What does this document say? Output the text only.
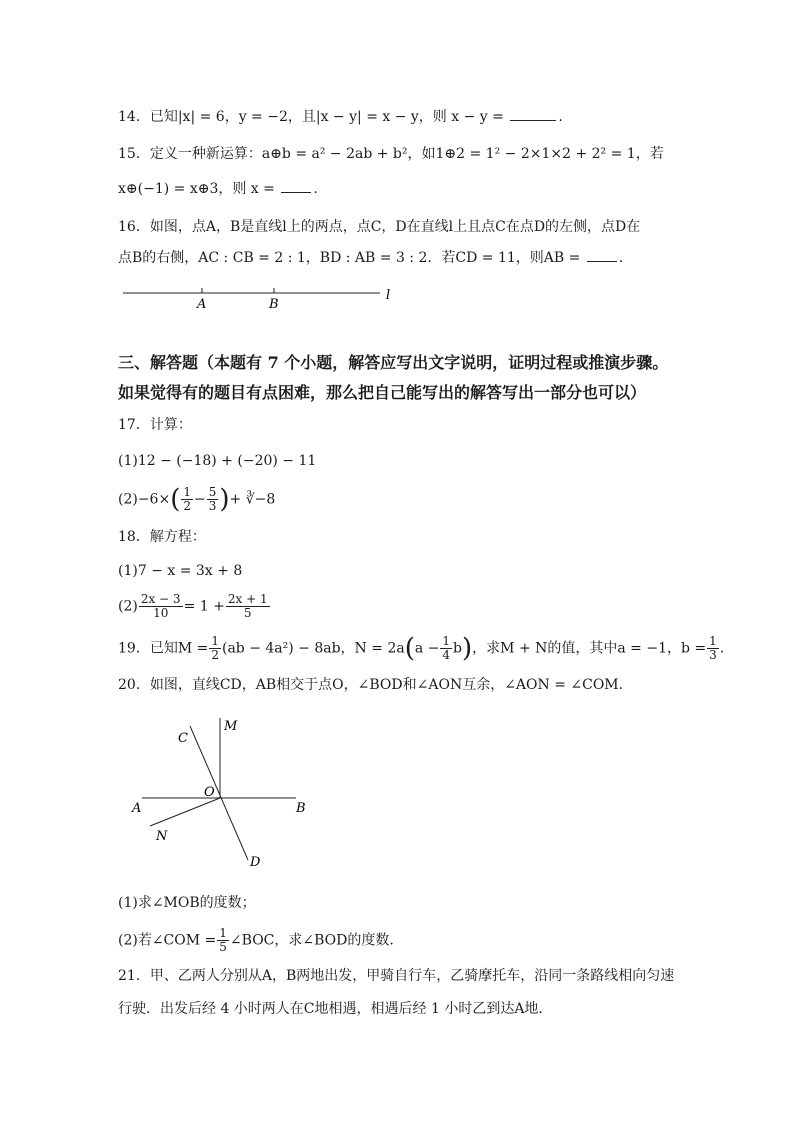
14．已知|x| = 6，y = −2，且|x − y| = x − y，则 x − y =	.
15．定义一种新运算：a⊕b = a² − 2ab + b²，如1⊕2 = 1² − 2×1×2 + 2² = 1，若
x⊕(−1) = x⊕3，则 x =	.
16．如图，点A，B是直线l上的两点，点C，D在直线l上且点C在点D的左侧，点D在
点B的右侧，AC : CB = 2 : 1，BD : AB = 3 : 2．若CD = 11，则AB =	.
A	B
l
三、解答题（本题有 7 个小题，解答应写出文字说明，证明过程或推演步骤。
如果觉得有的题目有点困难，那么把自己能写出的解答写出一部分也可以）
17．计算：
(1)12 − (−18) + (−20) − 11
$(2)-6\times( \frac{1}{2} - \frac{5}{3}$ )+ ∛−8
18．解方程：
(1)7 − x = 3x + 8
$(2) \frac{2x - 3}{10} = 1 + \frac{2x + 1}{5}$
19．已知$M = \frac{1}{2} (ab - 4a^2) - 8ab$，$N = 2a(a - \frac{1}{4} b)$，求M + N的值，其中a = −1，$b = \frac{1}{3}$ .
20．如图，直线CD，AB相交于点O，∠BOD和∠AON互余，∠AON = ∠COM．
M
C
O
A	B
N
D
(1)求∠MOB的度数；
(2)若∠COM = $\frac{1}{5}$ ∠BOC，求∠BOD的度数.
21．甲、乙两人分别从A，B两地出发，甲骑自行车，乙骑摩托车，沿同一条路线相向匀速
行驶．出发后经 4 小时两人在C地相遇，相遇后经 1 小时乙到达A地．
